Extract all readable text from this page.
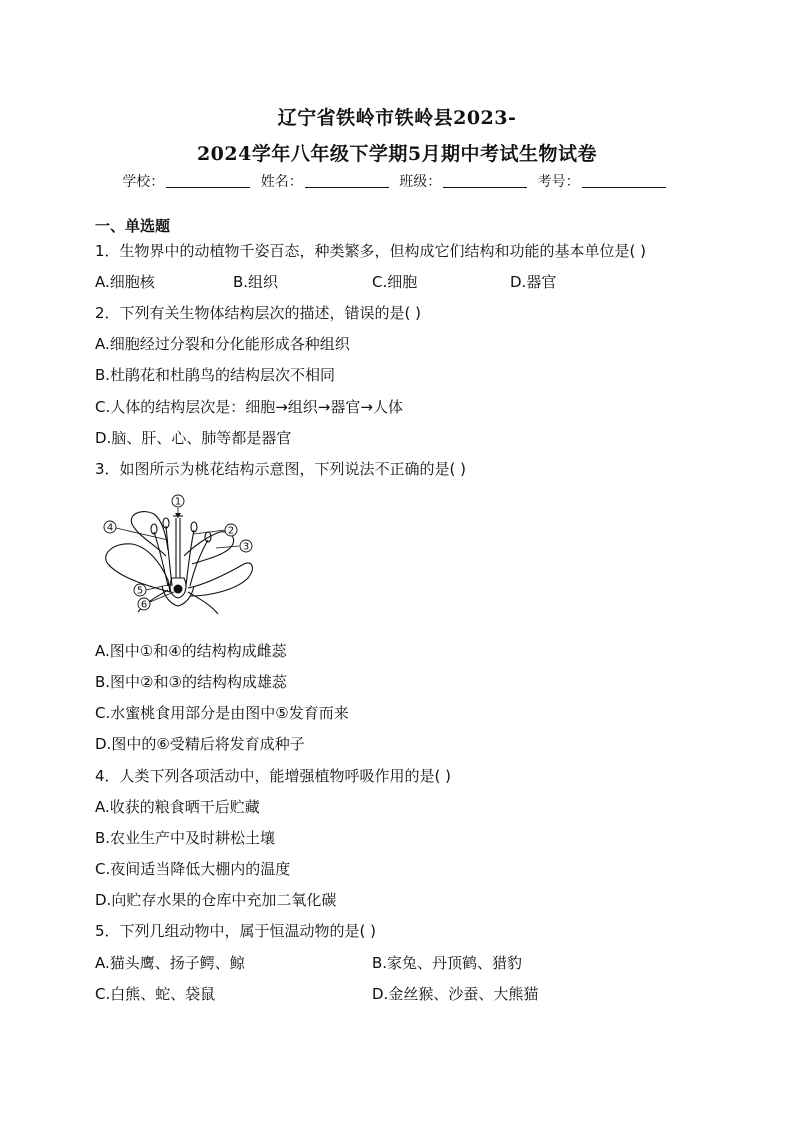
辽宁省铁岭市铁岭县2023-
2024学年八年级下学期5月期中考试生物试卷
学校：	姓名：	班级：	考号：
一、单选题
1．生物界中的动植物千姿百态，种类繁多，但构成它们结构和功能的基本单位是( )
A.细胞核	B.组织	C.细胞	D.器官
2．下列有关生物体结构层次的描述，错误的是( )
A.细胞经过分裂和分化能形成各种组织
B.杜鹃花和杜鹃鸟的结构层次不相同
C.人体的结构层次是：细胞→组织→器官→人体
D.脑、肝、心、肺等都是器官
3．如图所示为桃花结构示意图，下列说法不正确的是( )
1
4	2
3
5
6
A.图中①和④的结构构成雌蕊
B.图中②和③的结构构成雄蕊
C.水蜜桃食用部分是由图中⑤发育而来
D.图中的⑥受精后将发育成种子
4．人类下列各项活动中，能增强植物呼吸作用的是( )
A.收获的粮食晒干后贮藏
B.农业生产中及时耕松土壤
C.夜间适当降低大棚内的温度
D.向贮存水果的仓库中充加二氧化碳
5．下列几组动物中，属于恒温动物的是( )
A.猫头鹰、扬子鳄、鲸	B.家兔、丹顶鹤、猎豹
C.白熊、蛇、袋鼠	D.金丝猴、沙蚕、大熊猫
